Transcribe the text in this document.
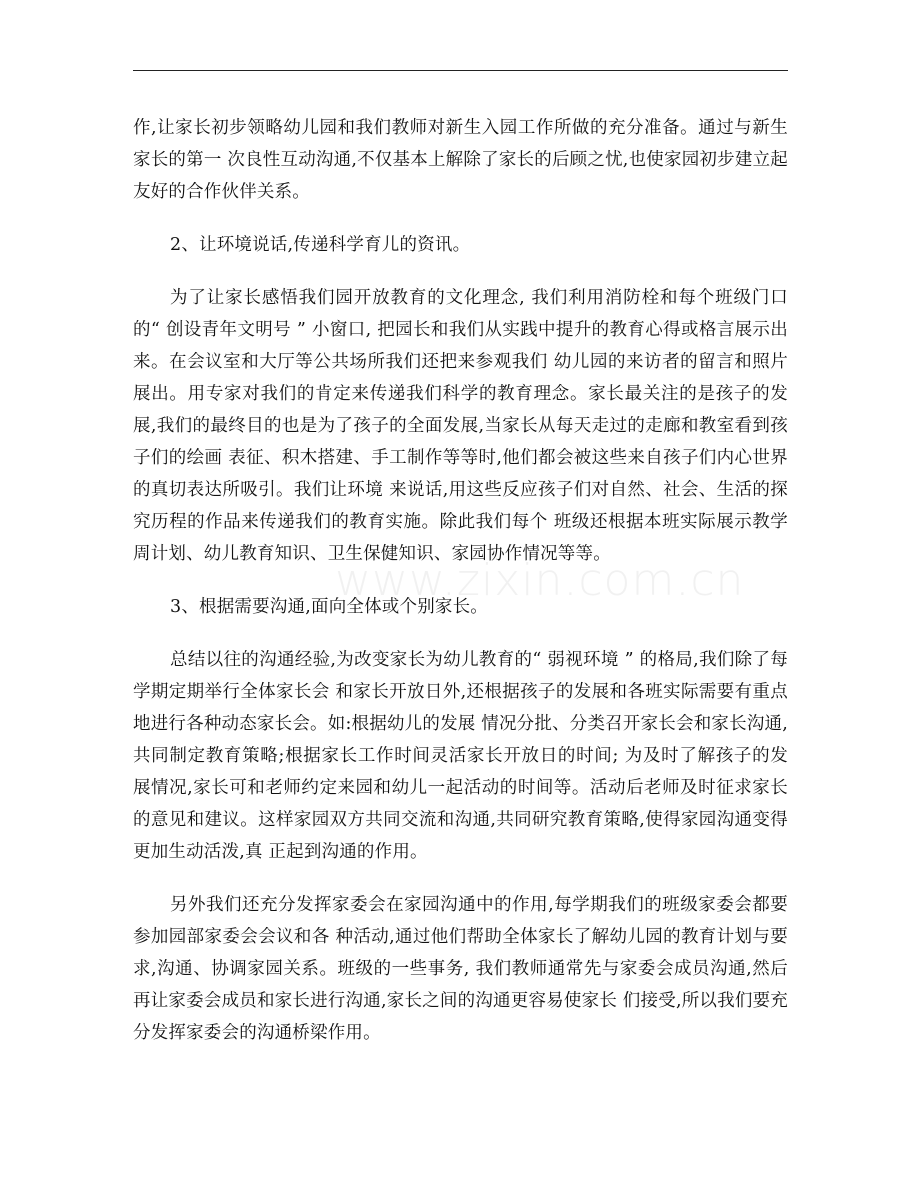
作,让家长初步领略幼儿园和我们教师对新生入园工作所做的充分准备。通过与新生家长的第一 次良性互动沟通,不仅基本上解除了家长的后顾之忧,也使家园初步建立起友好的合作伙伴关系。

2、让环境说话,传递科学育儿的资讯。

为了让家长感悟我们园开放教育的文化理念, 我们利用消防栓和每个班级门口的“ 创设青年文明号 ” 小窗口, 把园长和我们从实践中提升的教育心得或格言展示出来。在会议室和大厅等公共场所我们还把来参观我们 幼儿园的来访者的留言和照片展出。用专家对我们的肯定来传递我们科学的教育理念。家长最关注的是孩子的发展,我们的最终目的也是为了孩子的全面发展,当家长从每天走过的走廊和教室看到孩子们的绘画 表征、积木搭建、手工制作等等时,他们都会被这些来自孩子们内心世界的真切表达所吸引。我们让环境 来说话,用这些反应孩子们对自然、社会、生活的探究历程的作品来传递我们的教育实施。除此我们每个 班级还根据本班实际展示教学周计划、幼儿教育知识、卫生保健知识、家园协作情况等等。

3、根据需要沟通,面向全体或个别家长。

总结以往的沟通经验,为改变家长为幼儿教育的“ 弱视环境 ” 的格局,我们除了每学期定期举行全体家长会 和家长开放日外,还根据孩子的发展和各班实际需要有重点地进行各种动态家长会。如:根据幼儿的发展 情况分批、分类召开家长会和家长沟通,共同制定教育策略;根据家长工作时间灵活家长开放日的时间; 为及时了解孩子的发展情况,家长可和老师约定来园和幼儿一起活动的时间等。活动后老师及时征求家长 的意见和建议。这样家园双方共同交流和沟通,共同研究教育策略,使得家园沟通变得更加生动活泼,真 正起到沟通的作用。

另外我们还充分发挥家委会在家园沟通中的作用,每学期我们的班级家委会都要参加园部家委会会议和各 种活动,通过他们帮助全体家长了解幼儿园的教育计划与要求,沟通、协调家园关系。班级的一些事务, 我们教师通常先与家委会成员沟通,然后再让家委会成员和家长进行沟通,家长之间的沟通更容易使家长 们接受,所以我们要充分发挥家委会的沟通桥梁作用。

www.zixin.com.cn
